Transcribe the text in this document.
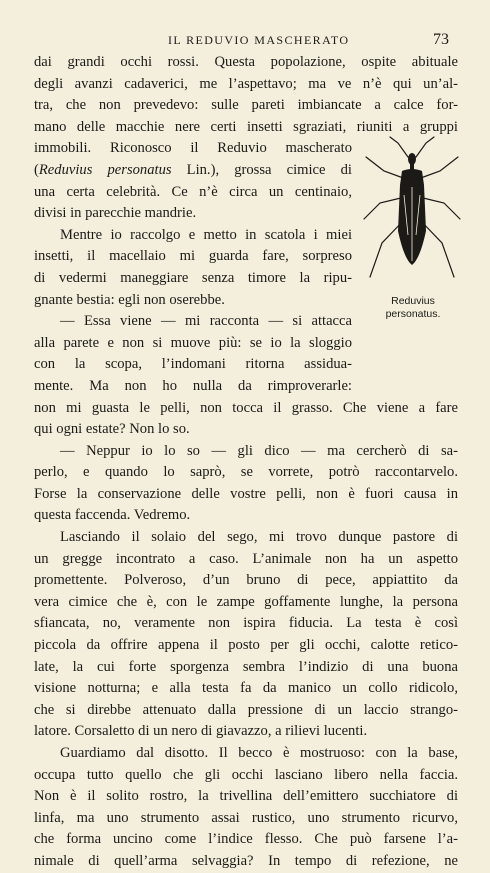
IL REDUVIO MASCHERATO	73
dai grandi occhi rossi. Questa popolazione, ospite abituale
degli avanzi cadaverici, me l’aspettavo; ma ve n’è qui un’al-
tra, che non prevedevo: sulle pareti imbiancate a calce for-
mano delle macchie nere certi insetti sgraziati, riuniti a gruppi
immobili. Riconosco il Reduvio mascherato
(Reduvius personatus Lin.), grossa cimice di
una certa celebrità. Ce n’è circa un centinaio,
divisi in parecchie mandrie.
Mentre io raccolgo e metto in scatola i miei
insetti, il macellaio mi guarda fare, sorpreso
di vedermi maneggiare senza timore la ripu-
gnante bestia: egli non oserebbe.
— Essa viene — mi racconta — si attacca
alla parete e non si muove più: se io la sloggio
con la scopa, l’indomani ritorna assidua-
mente. Ma non ho nulla da rimproverarle:
non mi guasta le pelli, non tocca il grasso. Che viene a fare
qui ogni estate? Non lo so.
— Neppur io lo so — gli dico — ma cercherò di sa-
perlo, e quando lo saprò, se vorrete, potrò raccontarvelo.
Forse la conservazione delle vostre pelli, non è fuori causa in
questa faccenda. Vedremo.
Lasciando il solaio del sego, mi trovo dunque pastore di
un gregge incontrato a caso. L’animale non ha un aspetto
promettente. Polveroso, d’un bruno di pece, appiattito da
vera cimice che è, con le zampe goffamente lunghe, la persona
sfiancata, no, veramente non ispira fiducia. La testa è così
piccola da offrire appena il posto per gli occhi, calotte retico-
late, la cui forte sporgenza sembra l’indizio di una buona
visione notturna; e alla testa fa da manico un collo ridicolo,
che si direbbe attenuato dalla pressione di un laccio strango-
latore. Corsaletto di un nero di giavazzo, a rilievi lucenti.
Guardiamo dal disotto. Il becco è mostruoso: con la base,
occupa tutto quello che gli occhi lasciano libero nella faccia.
Non è il solito rostro, la trivellina dell’emittero succhiatore di
linfa, ma uno strumento assai rustico, uno strumento ricurvo,
che forma uncino come l’indice flesso. Che può farsene l’a-
nimale di quell’arma selvaggia? In tempo di refezione, ne
Reduvius
personatus.
